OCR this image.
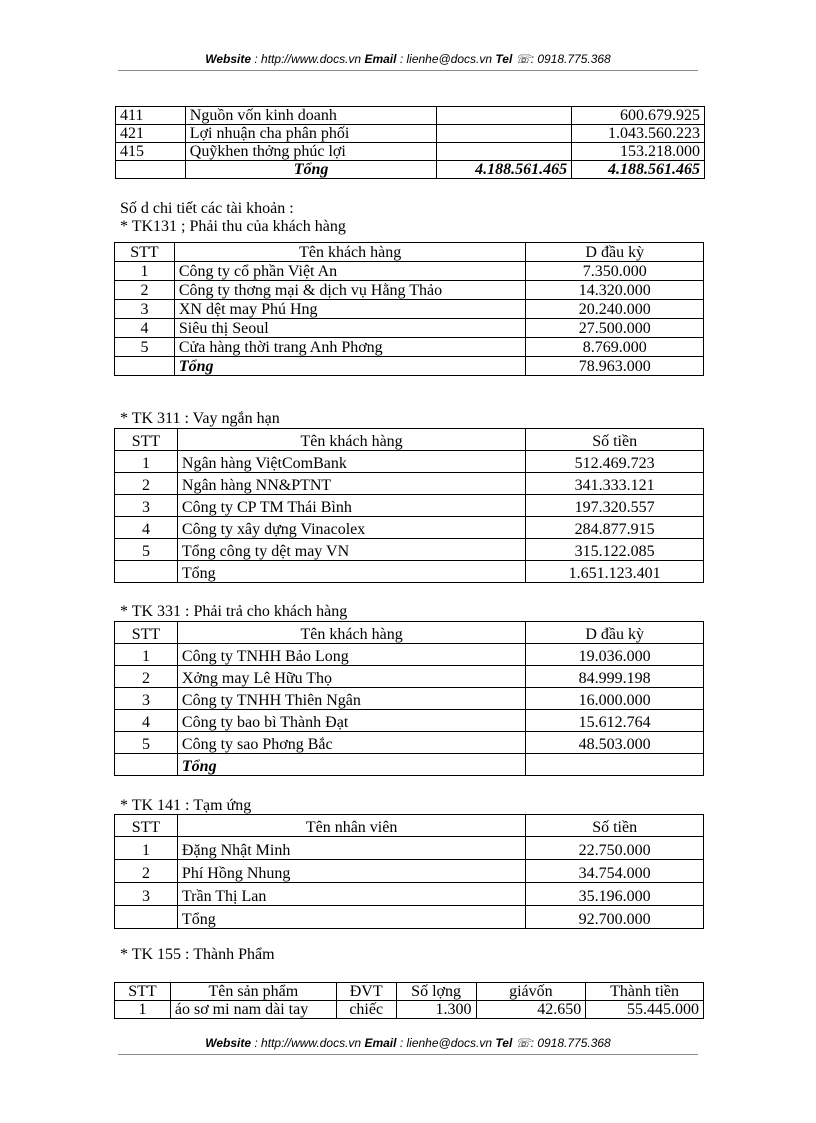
Website : http://www.docs.vn Email : lienhe@docs.vn Tel ☏: 0918.775.368
411	Nguồn vốn kinh doanh		600.679.925
421	Lợi nhuận cha phân phối		1.043.560.223
415	Quỹkhen thởng phúc lợi		153.218.000
	Tổng	4.188.561.465	4.188.561.465
Số d chi tiết các tài khoản :
* TK131 ; Phải thu của khách hàng
STT	Tên khách hàng	D đầu kỳ
1	Công ty cổ phần Việt An	7.350.000
2	Công ty thơng mại & dịch vụ Hằng Thảo	14.320.000
3	XN dệt may Phú Hng	20.240.000
4	Siêu thị Seoul	27.500.000
5	Cửa hàng thời trang Anh Phơng	8.769.000
	Tổng	78.963.000
* TK 311 : Vay ngắn hạn
STT	Tên khách hàng	Số tiền
1	Ngân hàng ViệtComBank	512.469.723
2	Ngân hàng NN&PTNT	341.333.121
3	Công ty CP TM Thái Bình	197.320.557
4	Công ty xây dựng Vinacolex	284.877.915
5	Tổng công ty dệt may VN	315.122.085
	Tổng	1.651.123.401
* TK 331 : Phải trả cho khách hàng
STT	Tên khách hàng	D đầu kỳ
1	Công ty TNHH Bảo Long	19.036.000
2	Xởng may Lê Hữu Thọ	84.999.198
3	Công ty TNHH Thiên Ngân	16.000.000
4	Công ty bao bì Thành Đạt	15.612.764
5	Công ty sao Phơng Bắc	48.503.000
	Tổng	
* TK 141 : Tạm ứng
STT	Tên nhân viên	Số tiền
1	Đặng Nhật Minh	22.750.000
2	Phí Hồng Nhung	34.754.000
3	Trần Thị Lan	35.196.000
	Tổng	92.700.000
* TK 155 : Thành Phẩm
STT	Tên sản phẩm	ĐVT	Số lợng	giávốn	Thành tiền
1	áo sơ mi nam dài tay	chiếc	1.300	42.650	55.445.000
Website : http://www.docs.vn Email : lienhe@docs.vn Tel ☏: 0918.775.368
